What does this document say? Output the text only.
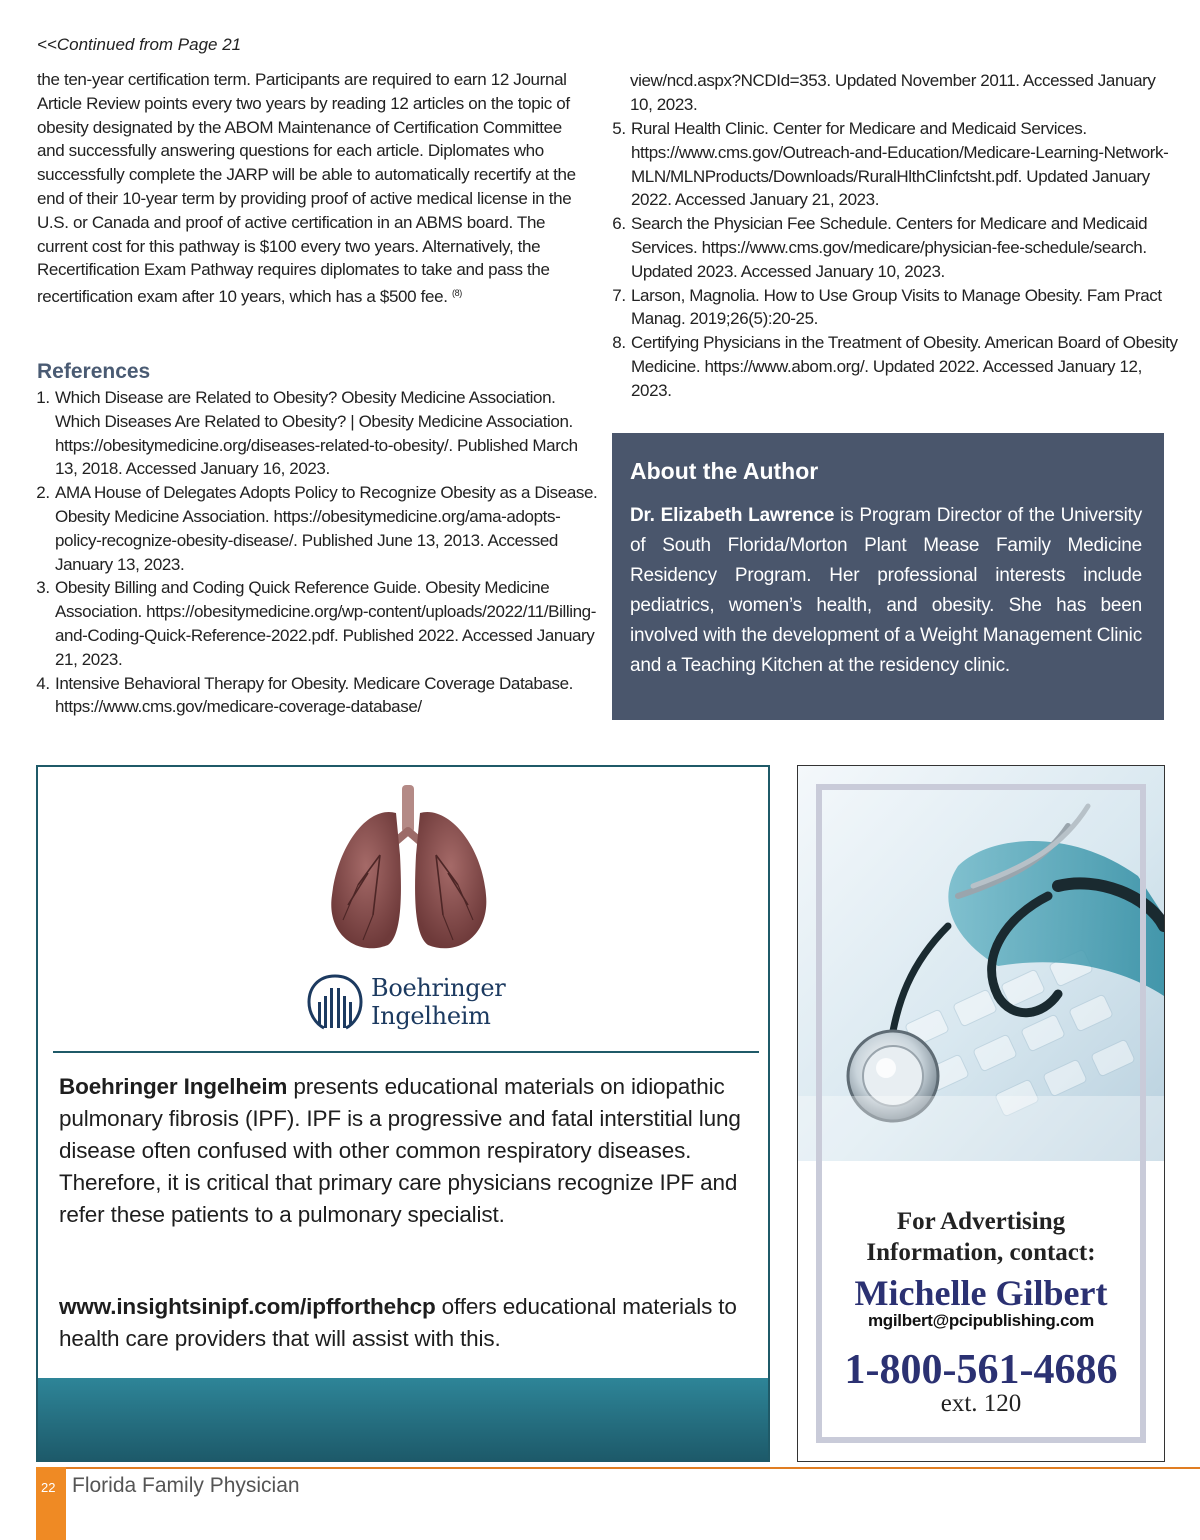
<<Continued from Page 21

the ten-year certification term. Participants are required to earn 12 Journal Article Review points every two years by reading 12 articles on the topic of obesity designated by the ABOM Maintenance of Certification Committee and successfully answering questions for each article. Diplomates who successfully complete the JARP will be able to automatically recertify at the end of their 10-year term by providing proof of active medical license in the U.S. or Canada and proof of active certification in an ABMS board. The current cost for this pathway is $100 every two years. Alternatively, the Recertification Exam Pathway requires diplomates to take and pass the recertification exam after 10 years, which has a $500 fee. $^{(8)}$

References
1. Which Disease are Related to Obesity? Obesity Medicine Association. Which Diseases Are Related to Obesity? | Obesity Medicine Association. https://obesitymedicine.org/diseases-related-to-obesity/. Published March 13, 2018. Accessed January 16, 2023.
2. AMA House of Delegates Adopts Policy to Recognize Obesity as a Disease. Obesity Medicine Association. https://obesitymedicine.org/ama-adopts-policy-recognize-obesity-disease/. Published June 13, 2013. Accessed January 13, 2023.
3. Obesity Billing and Coding Quick Reference Guide. Obesity Medicine Association. https://obesitymedicine.org/wp-content/uploads/2022/11/Billing-and-Coding-Quick-Reference-2022.pdf. Published 2022. Accessed January 21, 2023.
4. Intensive Behavioral Therapy for Obesity. Medicare Coverage Database. https://www.cms.gov/medicare-coverage-database/

view/ncd.aspx?NCDId=353. Updated November 2011. Accessed January 10, 2023.

5. Rural Health Clinic. Center for Medicare and Medicaid Services. https://www.cms.gov/Outreach-and-Education/Medicare-Learning-Network-MLN/MLNProducts/Downloads/RuralHlthClinfctsht.pdf. Updated January 2022. Accessed January 21, 2023.
6. Search the Physician Fee Schedule. Centers for Medicare and Medicaid Services. https://www.cms.gov/medicare/physician-fee-schedule/search. Updated 2023. Accessed January 10, 2023.
7. Larson, Magnolia. How to Use Group Visits to Manage Obesity. Fam Pract Manag. 2019;26(5):20-25.
8. Certifying Physicians in the Treatment of Obesity. American Board of Obesity Medicine. https://www.abom.org/. Updated 2022. Accessed January 12, 2023.
About the Author

Dr. Elizabeth Lawrence is Program Director of the University of South Florida/Morton Plant Mease Family Medicine Residency Program. Her professional interests include pediatrics, women’s health, and obesity. She has been involved with the development of a Weight Management Clinic and a Teaching Kitchen at the residency clinic.

Boehringer
Ingelheim

Boehringer Ingelheim presents educational materials on idiopathic pulmonary fibrosis (IPF). IPF is a progressive and fatal interstitial lung disease often confused with other common respiratory diseases. Therefore, it is critical that primary care physicians recognize IPF and refer these patients to a pulmonary specialist.

www.insightsinipf.com/ipfforthehcp offers educational materials to health care providers that will assist with this.

For Advertising
Information, contact:
Michelle Gilbert
mgilbert@pcipublishing.com
1-800-561-4686
ext. 120
22 Florida Family Physician
